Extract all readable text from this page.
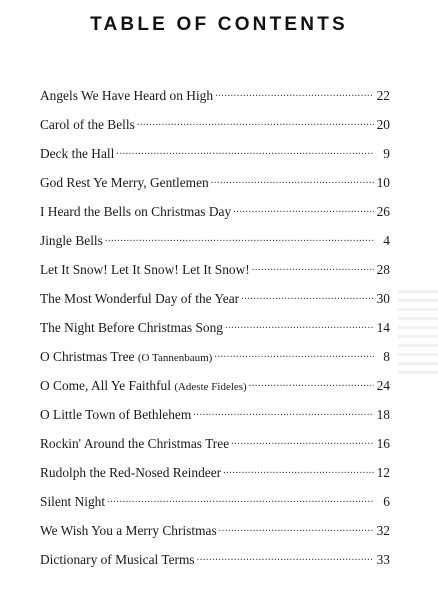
TABLE OF CONTENTS
Angels We Have Heard on High .....	22
Carol of the Bells .....	20
Deck the Hall .....	9
God Rest Ye Merry, Gentlemen .....	10
I Heard the Bells on Christmas Day .....	26
Jingle Bells .....	4
Let It Snow! Let It Snow! Let It Snow! .....	28
The Most Wonderful Day of the Year .....	30
The Night Before Christmas Song .....	14
O Christmas Tree (O Tannenbaum) .....	8
O Come, All Ye Faithful (Adeste Fideles) .....	24
O Little Town of Bethlehem .....	18
Rockin' Around the Christmas Tree .....	16
Rudolph the Red-Nosed Reindeer .....	12
Silent Night .....	6
We Wish You a Merry Christmas .....	32
Dictionary of Musical Terms .....	33
